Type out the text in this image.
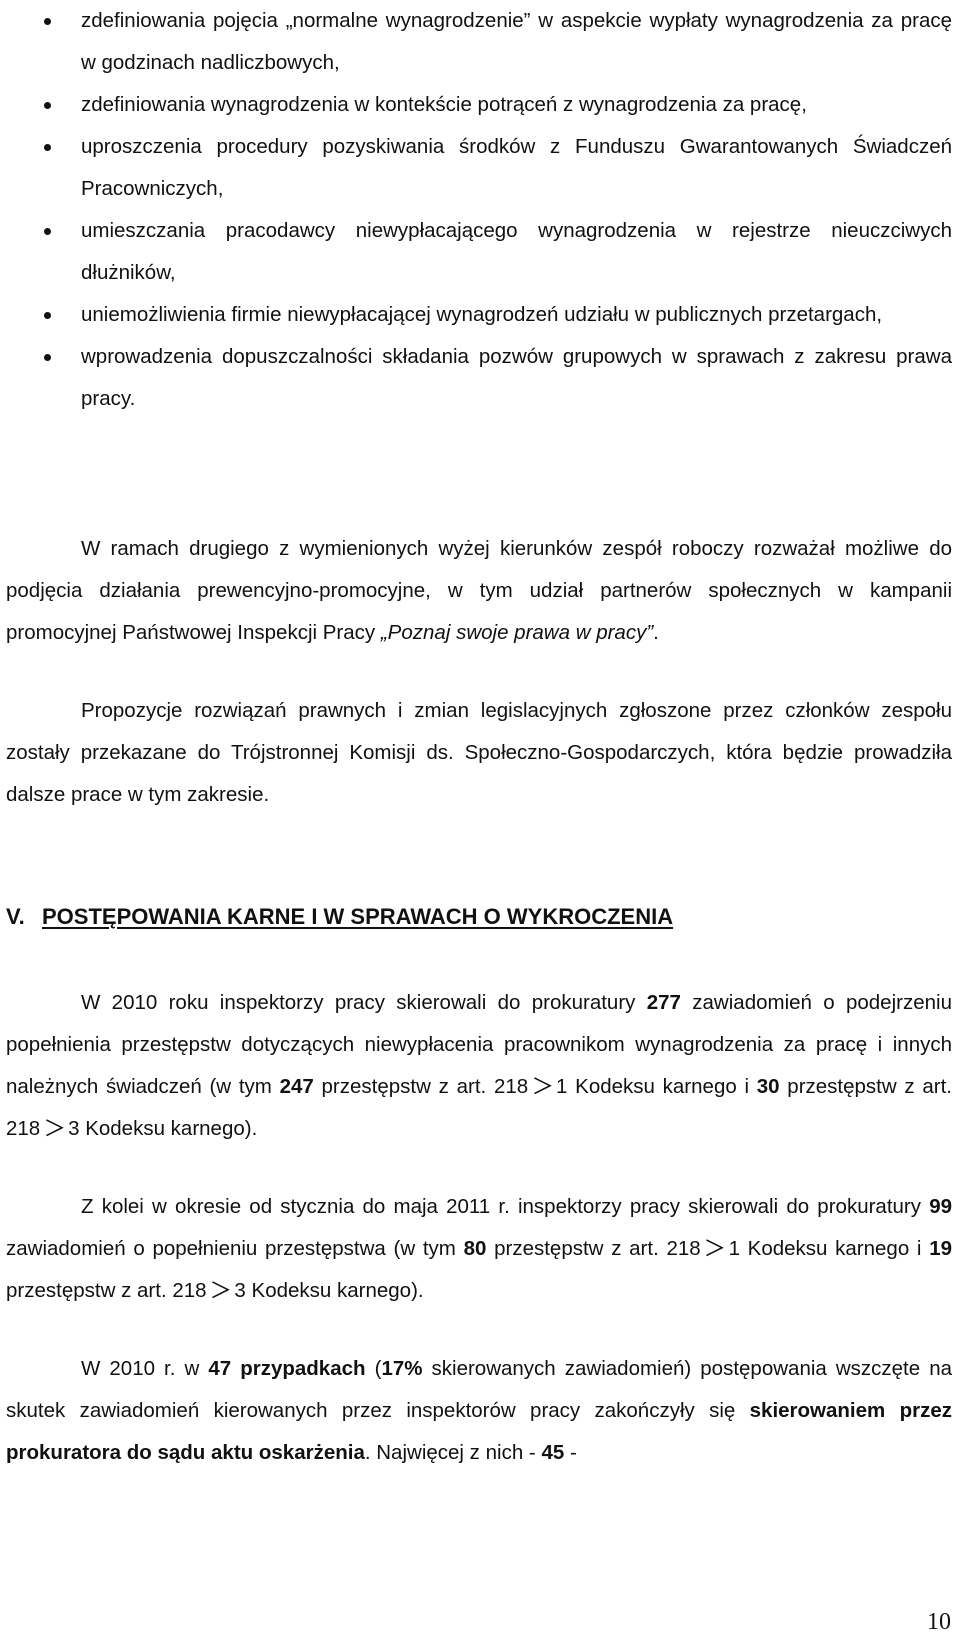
zdefiniowania pojęcia „normalne wynagrodzenie” w aspekcie wypłaty wynagrodzenia za pracę w godzinach nadliczbowych,
zdefiniowania wynagrodzenia w kontekście potrąceń z wynagrodzenia za pracę,
uproszczenia procedury pozyskiwania środków z Funduszu Gwarantowanych Świadczeń Pracowniczych,
umieszczania pracodawcy niewypłacającego wynagrodzenia w rejestrze nieuczciwych dłużników,
uniemożliwienia firmie niewypłacającej wynagrodzeń udziału w publicznych przetargach,
wprowadzenia dopuszczalności składania pozwów grupowych w sprawach z zakresu prawa pracy.

W ramach drugiego z wymienionych wyżej kierunków zespół roboczy rozważał możliwe do podjęcia działania prewencyjno-promocyjne, w tym udział partnerów społecznych w kampanii promocyjnej Państwowej Inspekcji Pracy „Poznaj swoje prawa w pracy”.

Propozycje rozwiązań prawnych i zmian legislacyjnych zgłoszone przez członków zespołu zostały przekazane do Trójstronnej Komisji ds. Społeczno-Gospodarczych, która będzie prowadziła dalsze prace w tym zakresie.

V. POSTĘPOWANIA KARNE I W SPRAWACH O WYKROCZENIA

W 2010 roku inspektorzy pracy skierowali do prokuratury 277 zawiadomień o podejrzeniu popełnienia przestępstw dotyczących niewypłacenia pracownikom wynagrodzenia za pracę i innych należnych świadczeń (w tym 247 przestępstw z art. 218 1 Kodeksu karnego i 30 przestępstw z art. 218 3 Kodeksu karnego).

Z kolei w okresie od stycznia do maja 2011 r. inspektorzy pracy skierowali do prokuratury 99 zawiadomień o popełnieniu przestępstwa (w tym 80 przestępstw z art. 218 1 Kodeksu karnego i 19 przestępstw z art. 218 3 Kodeksu karnego).

W 2010 r. w 47 przypadkach (17% skierowanych zawiadomień) postępowania wszczęte na skutek zawiadomień kierowanych przez inspektorów pracy zakończyły się skierowaniem przez prokuratora do sądu aktu oskarżenia. Najwięcej z nich - 45 -

10
